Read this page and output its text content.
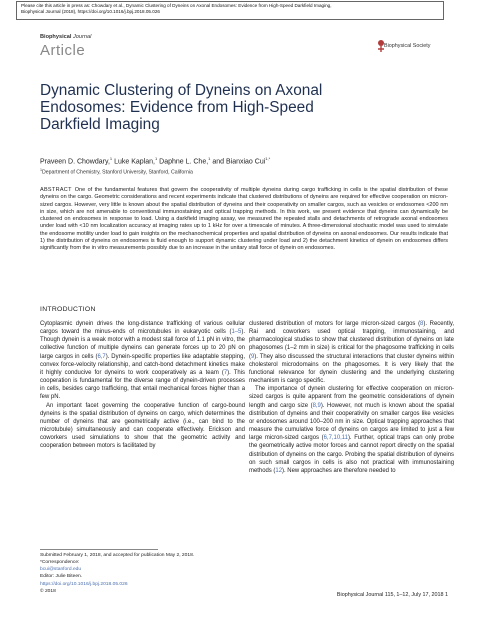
Please cite this article in press as: Chowdary et al., Dynamic Clustering of Dyneins on Axonal Endosomes: Evidence from High-Speed Darkfield Imaging,
Biophysical Journal (2018), https://doi.org/10.1016/j.bpj.2018.05.026
Biophysical Journal
Article	Biophysical Society
Dynamic Clustering of Dyneins on Axonal Endosomes: Evidence from High-Speed Darkfield Imaging
Praveen D. Chowdary,$^1$ Luke Kaplan,$^1$ Daphne L. Che,$^1$ and Bianxiao Cui$^{1,*}$
$^1$Department of Chemistry, Stanford University, Stanford, California
ABSTRACT One of the fundamental features that govern the cooperativity of multiple dyneins during cargo trafficking in cells is the spatial distribution of these dyneins on the cargo. Geometric considerations and recent experiments indicate that clustered distributions of dyneins are required for effective cooperation on micron-sized cargos. However, very little is known about the spatial distribution of dyneins and their cooperativity on smaller cargos, such as vesicles or endosomes <200 nm in size, which are not amenable to conventional immunostaining and optical trapping methods. In this work, we present evidence that dyneins can dynamically be clustered on endosomes in response to load. Using a darkfield imaging assay, we measured the repeated stalls and detachments of retrograde axonal endosomes under load with <10 nm localization accuracy at imaging rates up to 1 kHz for over a timescale of minutes. A three-dimensional stochastic model was used to simulate the endosome motility under load to gain insights on the mechanochemical properties and spatial distribution of dyneins on axonal endosomes. Our results indicate that 1) the distribution of dyneins on endosomes is fluid enough to support dynamic clustering under load and 2) the detachment kinetics of dynein on endosomes differs significantly from the in vitro measurements possibly due to an increase in the unitary stall force of dynein on endosomes.
INTRODUCTION

Cytoplasmic dynein drives the long-distance trafficking of various cellular cargos toward the minus-ends of microtubules in eukaryotic cells (1–5). Though dynein is a weak motor with a modest stall force of 1.1 pN in vitro, the collective function of multiple dyneins can generate forces up to 20 pN on large cargos in cells (6,7). Dynein-specific properties like adaptable stepping, convex force-velocity relationship, and catch-bond detachment kinetics make it highly conducive for dyneins to work cooperatively as a team (7). This cooperation is fundamental for the diverse range of dynein-driven processes in cells, besides cargo trafficking, that entail mechanical forces higher than a few pN.

An important facet governing the cooperative function of cargo-bound dyneins is the spatial distribution of dyneins on cargo, which determines the number of dyneins that are geometrically active (i.e., can bind to the microtubule) simultaneously and can cooperate effectively. Erickson and coworkers used simulations to show that the geometric activity and cooperation between motors is facilitated by

clustered distribution of motors for large micron-sized cargos (8). Recently, Rai and coworkers used optical trapping, immunostaining, and pharmacological studies to show that clustered distribution of dyneins on late phagosomes (1–2 mm in size) is critical for the phagosome trafficking in cells (9). They also discussed the structural interactions that cluster dyneins within cholesterol microdomains on the phagosomes. It is very likely that the functional relevance for dynein clustering and the underlying clustering mechanism is cargo specific.

The importance of dynein clustering for effective cooperation on micron-sized cargos is quite apparent from the geometric considerations of dynein length and cargo size (8,9). However, not much is known about the spatial distribution of dyneins and their cooperativity on smaller cargos like vesicles or endosomes around 100–200 nm in size. Optical trapping approaches that measure the cumulative force of dyneins on cargos are limited to just a few large micron-sized cargos (6,7,10,11). Further, optical traps can only probe the geometrically active motor forces and cannot report directly on the spatial distribution of dyneins on the cargo. Probing the spatial distribution of dyneins on such small cargos in cells is also not practical with immunostaining methods (12). New approaches are therefore needed to

Submitted February 1, 2018, and accepted for publication May 2, 2018.
*Correspondence:
bcui@stanford.edu
Editor: Julie Biteen.
https://doi.org/10.1016/j.bpj.2018.05.026
© 2018
Biophysical Journal 115, 1–12, July 17, 2018 1
